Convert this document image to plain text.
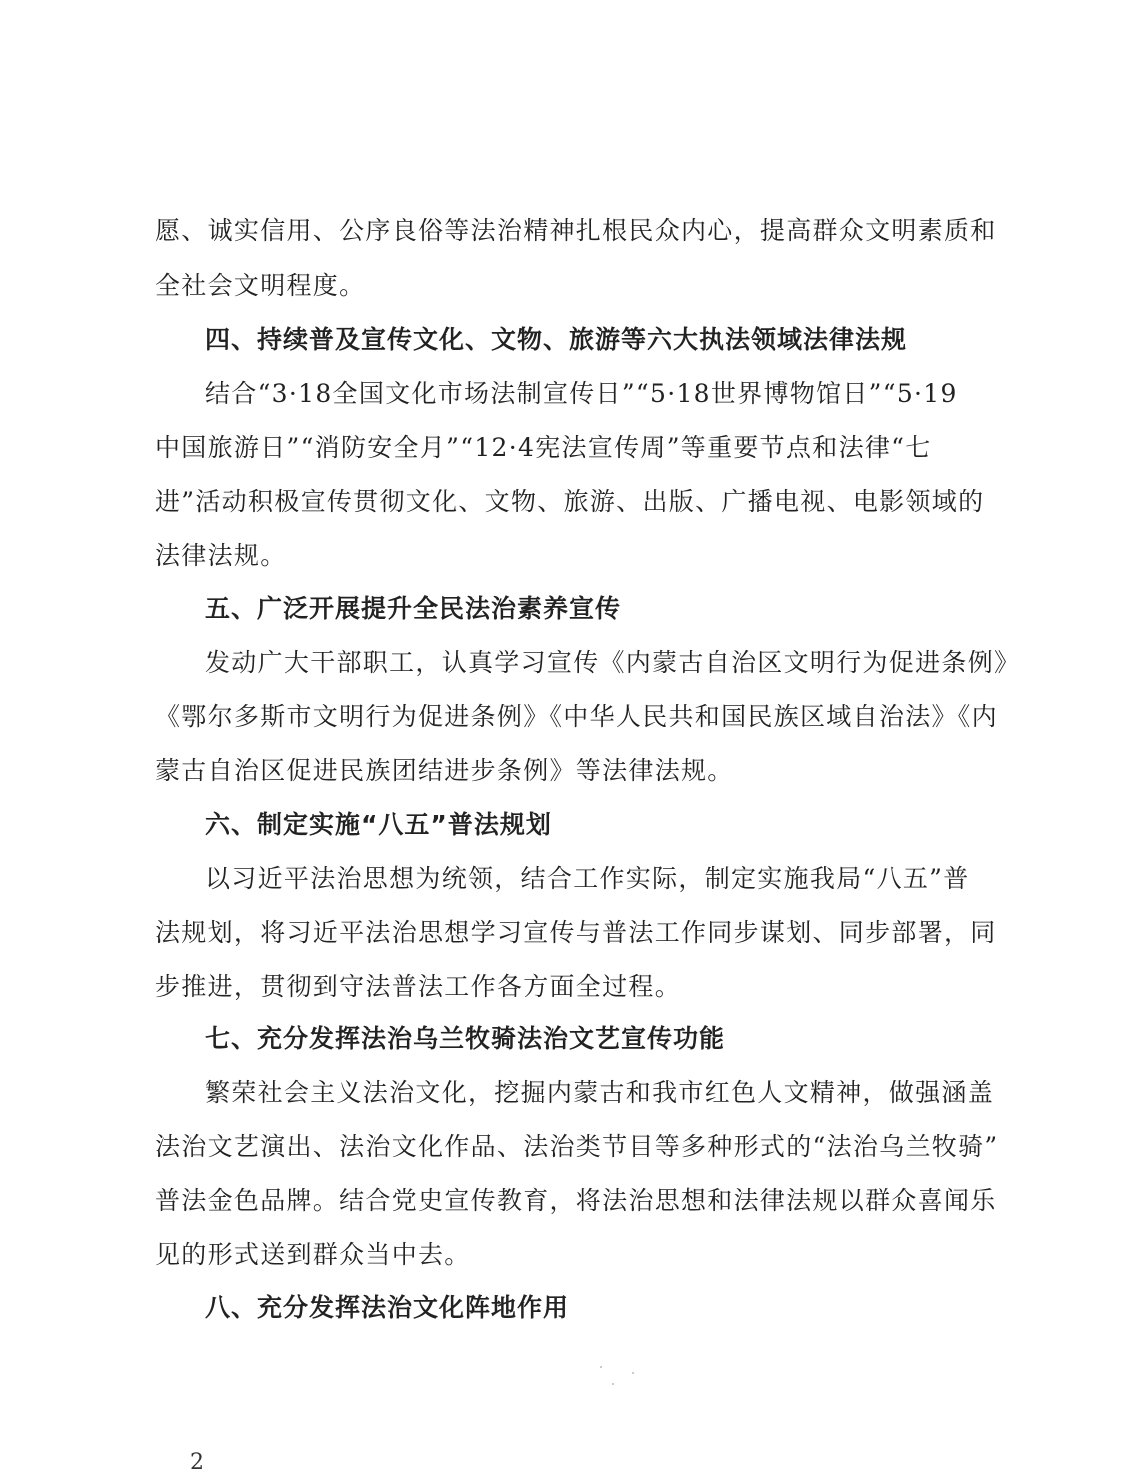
愿、诚实信用、公序良俗等法治精神扎根民众内心，提高群众文明素质和
全社会文明程度。
四、持续普及宣传文化、文物、旅游等六大执法领域法律法规
结合“3·18全国文化市场法制宣传日”“5·18世界博物馆日”“5·19
中国旅游日”“消防安全月”“12·4宪法宣传周”等重要节点和法律“七
进”活动积极宣传贯彻文化、文物、旅游、出版、广播电视、电影领域的
法律法规。
五、广泛开展提升全民法治素养宣传
发动广大干部职工，认真学习宣传《内蒙古自治区文明行为促进条例》
《鄂尔多斯市文明行为促进条例》《中华人民共和国民族区域自治法》《内
蒙古自治区促进民族团结进步条例》等法律法规。
六、制定实施“八五”普法规划
以习近平法治思想为统领，结合工作实际，制定实施我局“八五”普
法规划，将习近平法治思想学习宣传与普法工作同步谋划、同步部署，同
步推进，贯彻到守法普法工作各方面全过程。
七、充分发挥法治乌兰牧骑法治文艺宣传功能
繁荣社会主义法治文化，挖掘内蒙古和我市红色人文精神，做强涵盖
法治文艺演出、法治文化作品、法治类节目等多种形式的“法治乌兰牧骑”
普法金色品牌。结合党史宣传教育，将法治思想和法律法规以群众喜闻乐
见的形式送到群众当中去。
八、充分发挥法治文化阵地作用
2
